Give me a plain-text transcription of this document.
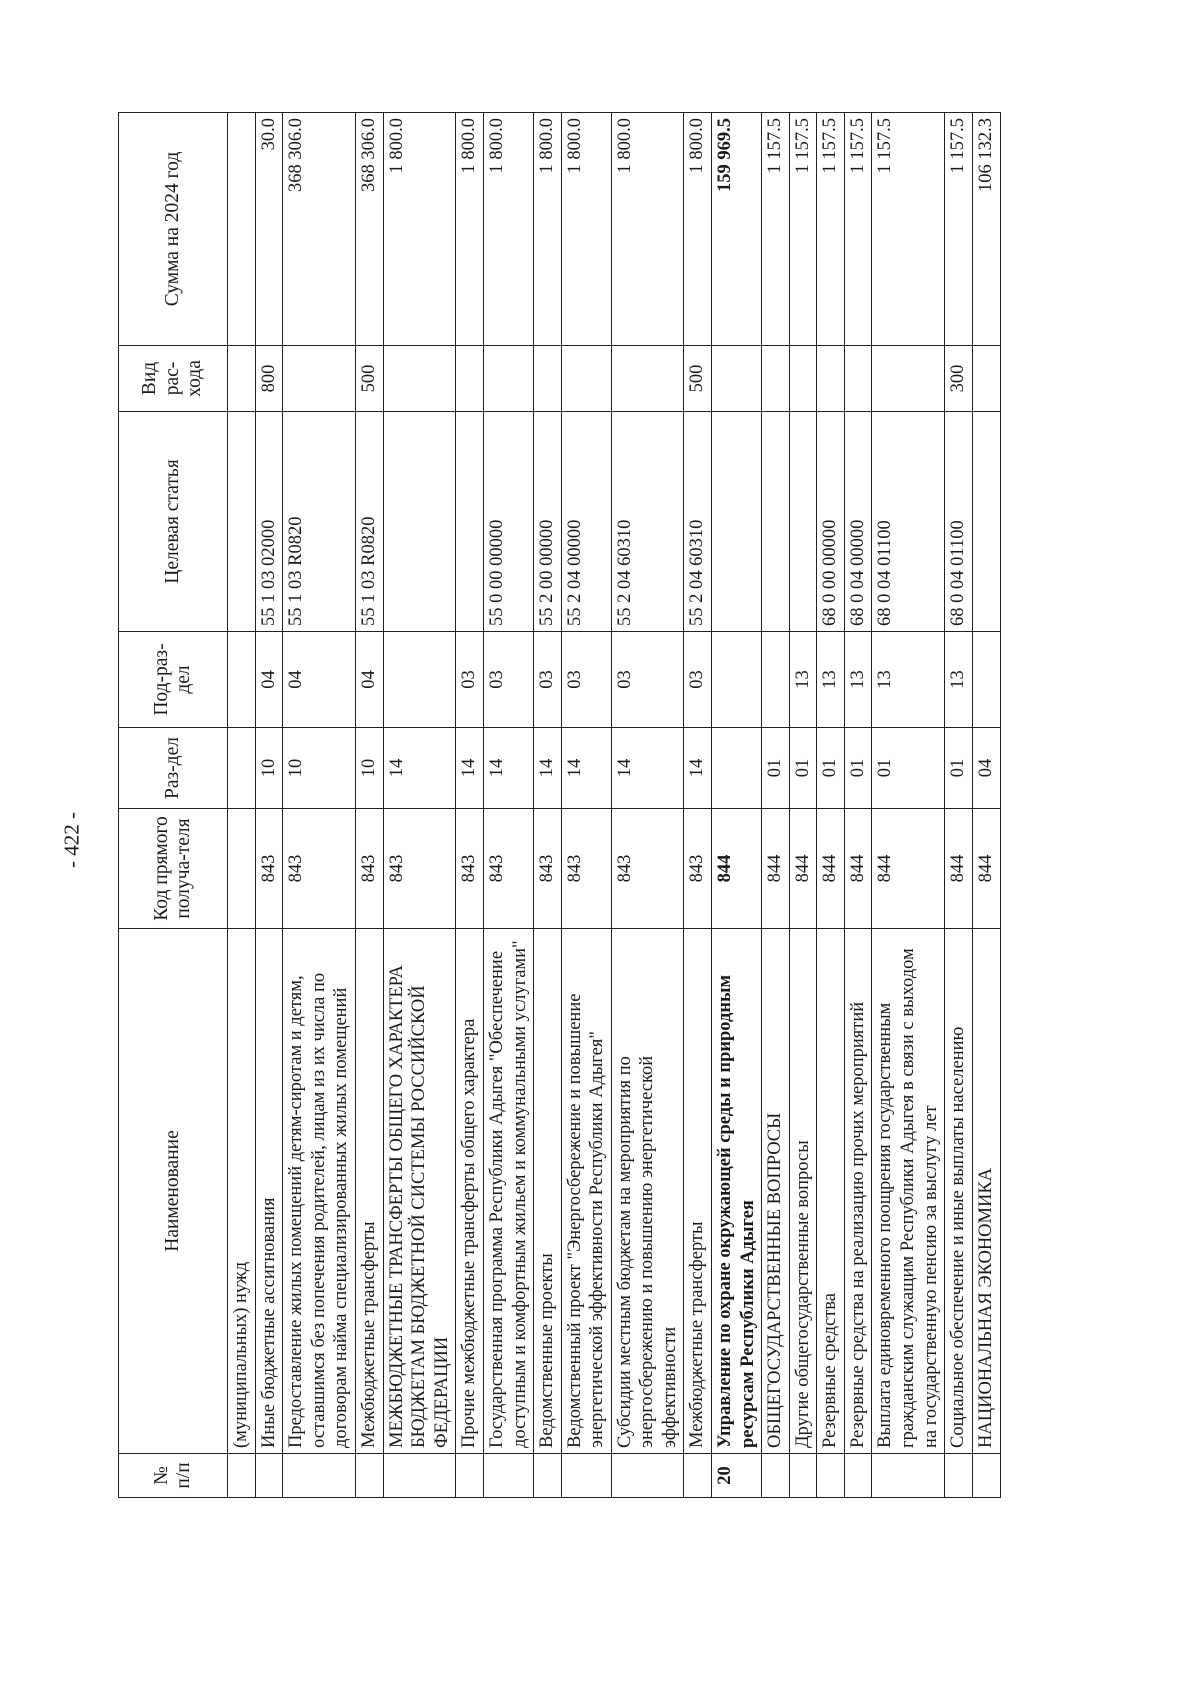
- 422 -
№ п/п	Наименование	Код прямого получа-теля	Раз-дел	Под-раз-дел	Целевая статья	Вид рас-хода	Сумма на 2024 год
	(муниципальных) нужд						
	Иные бюджетные ассигнования	843	10	04	55 1 03 02000	800	30.0
	Предоставление жилых помещений детям-сиротам и детям, оставшимся без попечения родителей, лицам из их числа по договорам найма специализированных жилых помещений	843	10	04	55 1 03 R0820		368 306.0
	Межбюджетные трансферты	843	10	04	55 1 03 R0820	500	368 306.0
	МЕЖБЮДЖЕТНЫЕ ТРАНСФЕРТЫ ОБЩЕГО ХАРАКТЕРА БЮДЖЕТАМ БЮДЖЕТНОЙ СИСТЕМЫ РОССИЙСКОЙ ФЕДЕРАЦИИ	843	14				1 800.0
	Прочие межбюджетные трансферты общего характера	843	14	03			1 800.0
	Государственная программа Республики Адыгея "Обеспечение доступным и комфортным жильем и коммунальными услугами"	843	14	03	55 0 00 00000		1 800.0
	Ведомственные проекты	843	14	03	55 2 00 00000		1 800.0
	Ведомственный проект "Энергосбережение и повышение энергетической эффективности Республики Адыгея"	843	14	03	55 2 04 00000		1 800.0
	Субсидии местным бюджетам на мероприятия по энергосбережению и повышению энергетической эффективности	843	14	03	55 2 04 60310		1 800.0
	Межбюджетные трансферты	843	14	03	55 2 04 60310	500	1 800.0
20	Управление по охране окружающей среды и природным ресурсам Республики Адыгея	844					159 969.5
	ОБЩЕГОСУДАРСТВЕННЫЕ ВОПРОСЫ	844	01				1 157.5
	Другие общегосударственные вопросы	844	01	13			1 157.5
	Резервные средства	844	01	13	68 0 00 00000		1 157.5
	Резервные средства на реализацию прочих мероприятий	844	01	13	68 0 04 00000		1 157.5
	Выплата единовременного поощрения государственным гражданским служащим Республики Адыгея в связи с выходом на государственную пенсию за выслугу лет	844	01	13	68 0 04 01100		1 157.5
	Социальное обеспечение и иные выплаты населению	844	01	13	68 0 04 01100	300	1 157.5
	НАЦИОНАЛЬНАЯ ЭКОНОМИКА	844	04				106 132.3
